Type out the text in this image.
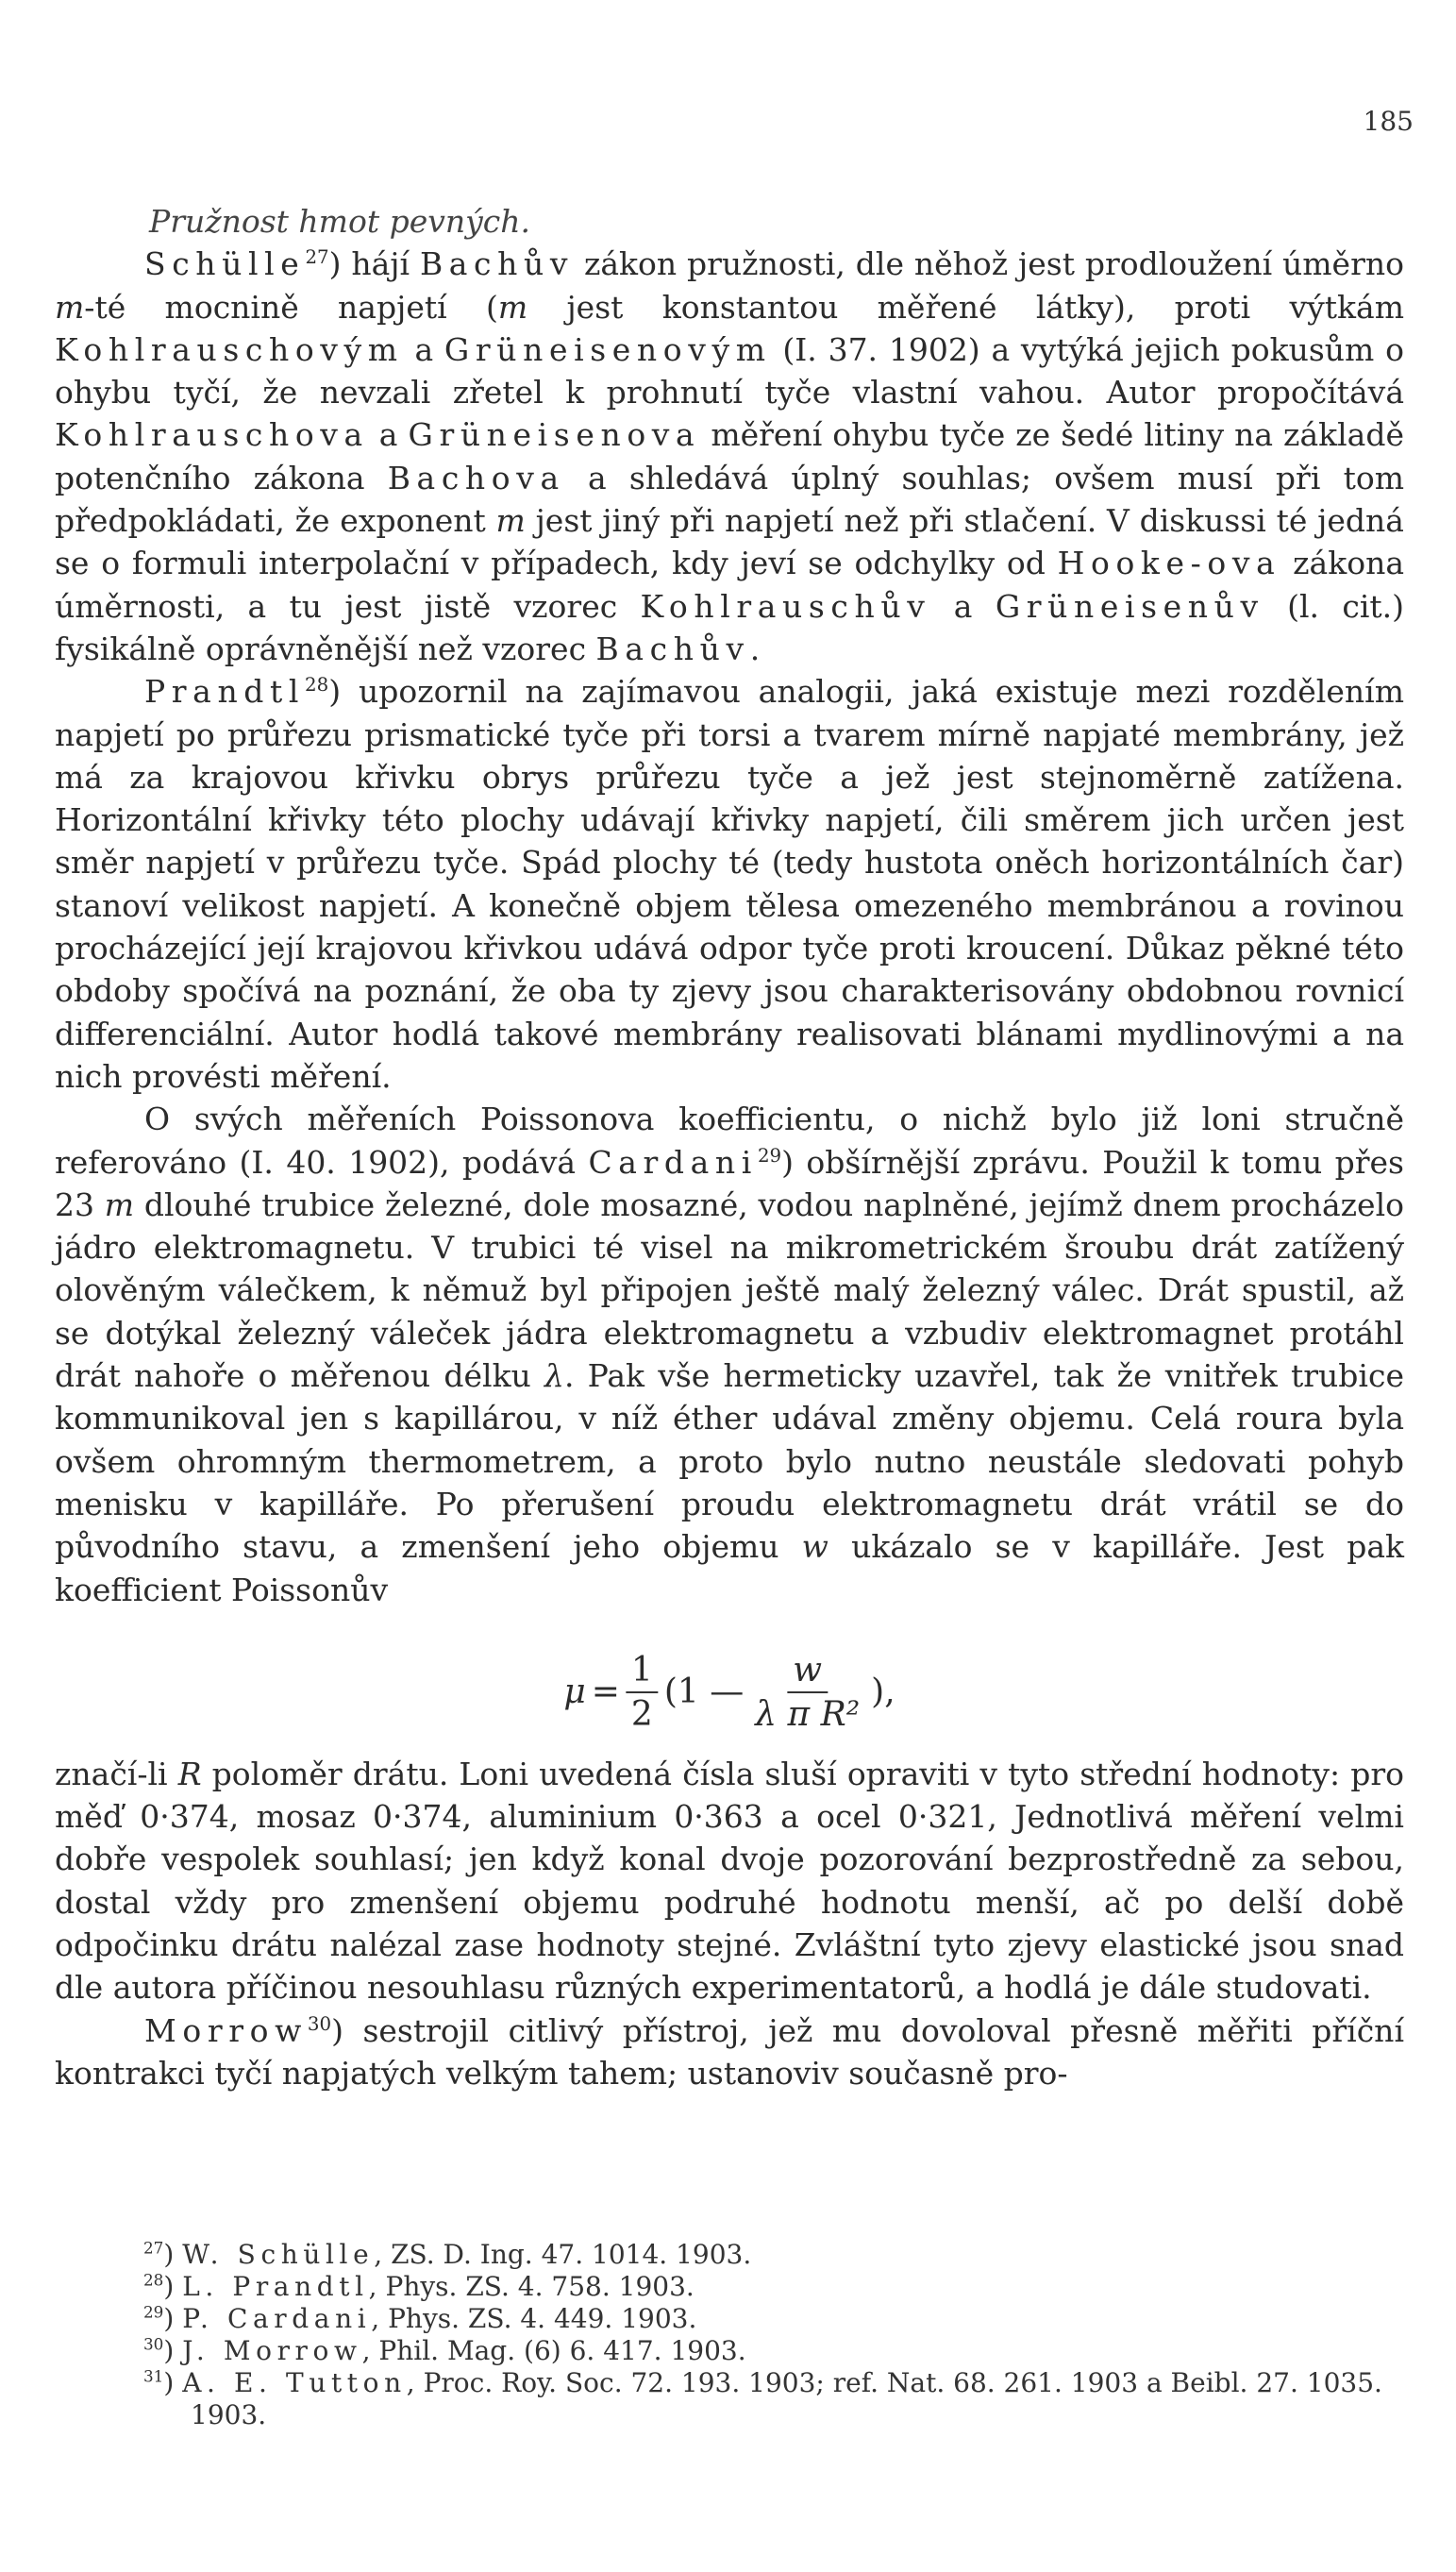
185
Pružnost hmot pevných.

Schülle$^{27}$) hájí Bachův zákon pružnosti, dle něhož jest prodloužení úměrno m-té mocnině napjetí (m jest konstantou měřené látky), proti výtkám Kohlrauschovým a Grüneisenovým (I. 37. 1902) a vytýká jejich pokusům o ohybu tyčí, že nevzali zřetel k prohnutí tyče vlastní vahou. Autor propočítává Kohlrauschova a Grüneisenova měření ohybu tyče ze šedé litiny na základě potenčního zákona Bachova a shledává úplný souhlas; ovšem musí při tom předpokládati, že exponent m jest jiný při napjetí než při stlačení. V diskussi té jedná se o formuli interpolační v případech, kdy jeví se odchylky od Hooke-ova zákona úměrnosti, a tu jest jistě vzorec Kohlrauschův a Grüneisenův (l. cit.) fysikálně oprávněnější než vzorec Bachův.

Prandtl$^{28}$) upozornil na zajímavou analogii, jaká existuje mezi rozdělením napjetí po průřezu prismatické tyče při torsi a tvarem mírně napjaté membrány, jež má za krajovou křivku obrys průřezu tyče a jež jest stejnoměrně zatížena. Horizontální křivky této plochy udávají křivky napjetí, čili směrem jich určen jest směr napjetí v průřezu tyče. Spád plochy té (tedy hustota oněch horizontálních čar) stanoví velikost napjetí. A konečně objem tělesa omezeného membránou a rovinou procházející její krajovou křivkou udává odpor tyče proti kroucení. Důkaz pěkné této obdoby spočívá na poznání, že oba ty zjevy jsou charakterisovány obdobnou rovnicí differenciální. Autor hodlá takové membrány realisovati blánami mydlinovými a na nich provésti měření.

O svých měřeních Poissonova koefficientu, o nichž bylo již loni stručně referováno (I. 40. 1902), podává Cardani$^{29}$) obšírnější zprávu. Použil k tomu přes 23 m dlouhé trubice železné, dole mosazné, vodou naplněné, jejímž dnem procházelo jádro elektromagnetu. V trubici té visel na mikrometrickém šroubu drát zatížený olověným válečkem, k němuž byl připojen ještě malý železný válec. Drát spustil, až se dotýkal železný váleček jádra elektromagnetu a vzbudiv elektromagnet protáhl drát nahoře o měřenou délku λ. Pak vše hermeticky uzavřel, tak že vnitřek trubice kommunikoval jen s kapillárou, v níž éther udával změny objemu. Celá roura byla ovšem ohromným thermometrem, a proto bylo nutno neustále sledovati pohyb menisku v kapilláře. Po přerušení proudu elektromagnetu drát vrátil se do původního stavu, a zmenšení jeho objemu w ukázalo se v kapilláře. Jest pak koefficient Poissonův

$\mu = \frac{1}{2} (1$ — $\frac{w}{\text{λ π R²}}$ ),

značí-li R poloměr drátu. Loni uvedená čísla sluší opraviti v tyto střední hodnoty: pro měď 0·374, mosaz 0·374, aluminium 0·363 a ocel 0·321, Jednotlivá měření velmi dobře vespolek souhlasí; jen když konal dvoje pozorování bezprostředně za sebou, dostal vždy pro zmenšení objemu podruhé hodnotu menší, ač po delší době odpočinku drátu nalézal zase hodnoty stejné. Zvláštní tyto zjevy elastické jsou snad dle autora příčinou nesouhlasu různých experimentatorů, a hodlá je dále studovati.

Morrow$^{30}$) sestrojil citlivý přístroj, jež mu dovoloval přesně měřiti příční kontrakci tyčí napjatých velkým tahem; ustanoviv současně pro-

$^{27}$) W. Schülle, ZS. D. Ing. 47. 1014. 1903.

$^{28}$) L. Prandtl, Phys. ZS. 4. 758. 1903.

$^{29}$) P. Cardani, Phys. ZS. 4. 449. 1903.

$^{30}$) J. Morrow, Phil. Mag. (6) 6. 417. 1903.

$^{31}$) A. E. Tutton, Proc. Roy. Soc. 72. 193. 1903; ref. Nat. 68. 261. 1903 a Beibl. 27. 1035. 1903.
